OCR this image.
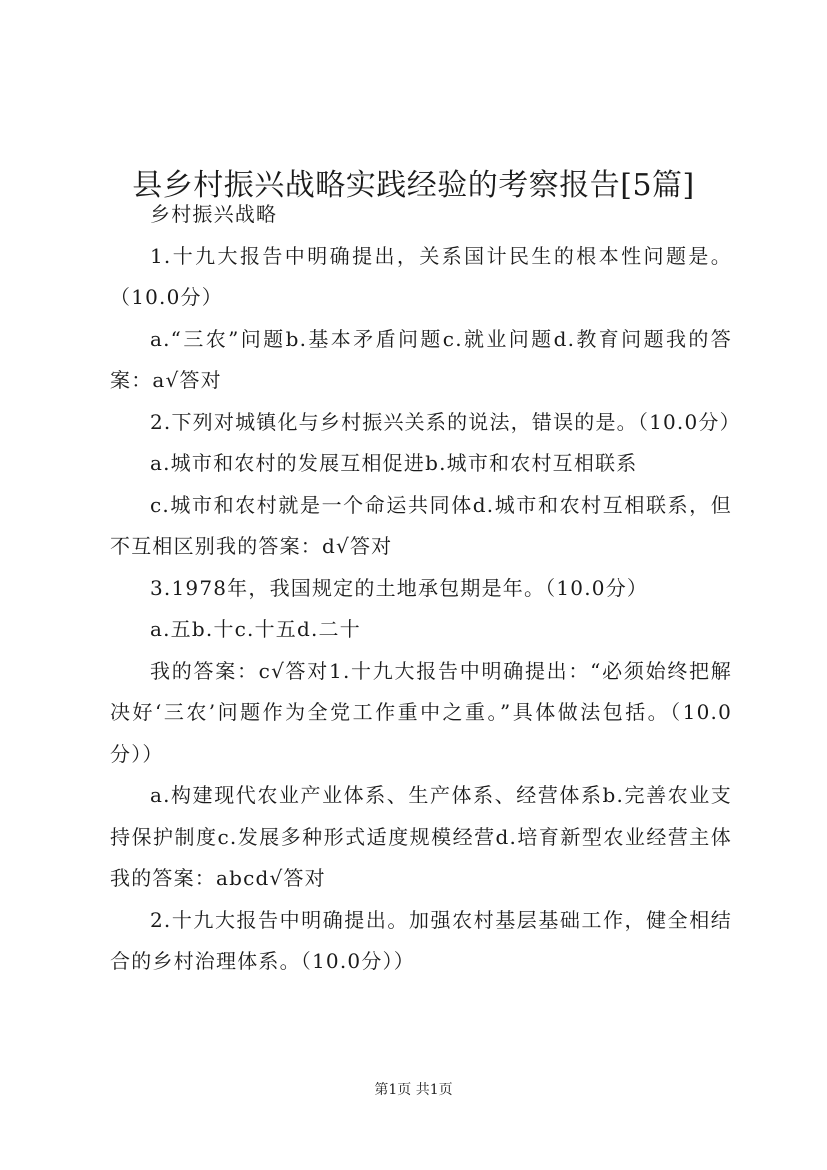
县乡村振兴战略实践经验的考察报告[5篇]

乡村振兴战略

1.十九大报告中明确提出，关系国计民生的根本性问题是。（10.0分）

a.“三农”问题b.基本矛盾问题c.就业问题d.教育问题我的答案：a√答对

2.下列对城镇化与乡村振兴关系的说法，错误的是。（10.0分）

a.城市和农村的发展互相促进b.城市和农村互相联系

c.城市和农村就是一个命运共同体d.城市和农村互相联系，但不互相区别我的答案：d√答对

3.1978年，我国规定的土地承包期是年。（10.0分）

a.五b.十c.十五d.二十

我的答案：c√答对1.十九大报告中明确提出：“必须始终把解决好‘三农’问题作为全党工作重中之重。”具体做法包括。（10.0分））

a.构建现代农业产业体系、生产体系、经营体系b.完善农业支持保护制度c.发展多种形式适度规模经营d.培育新型农业经营主体我的答案：abcd√答对

2.十九大报告中明确提出。加强农村基层基础工作，健全相结合的乡村治理体系。（10.0分））

第1页 共1页
